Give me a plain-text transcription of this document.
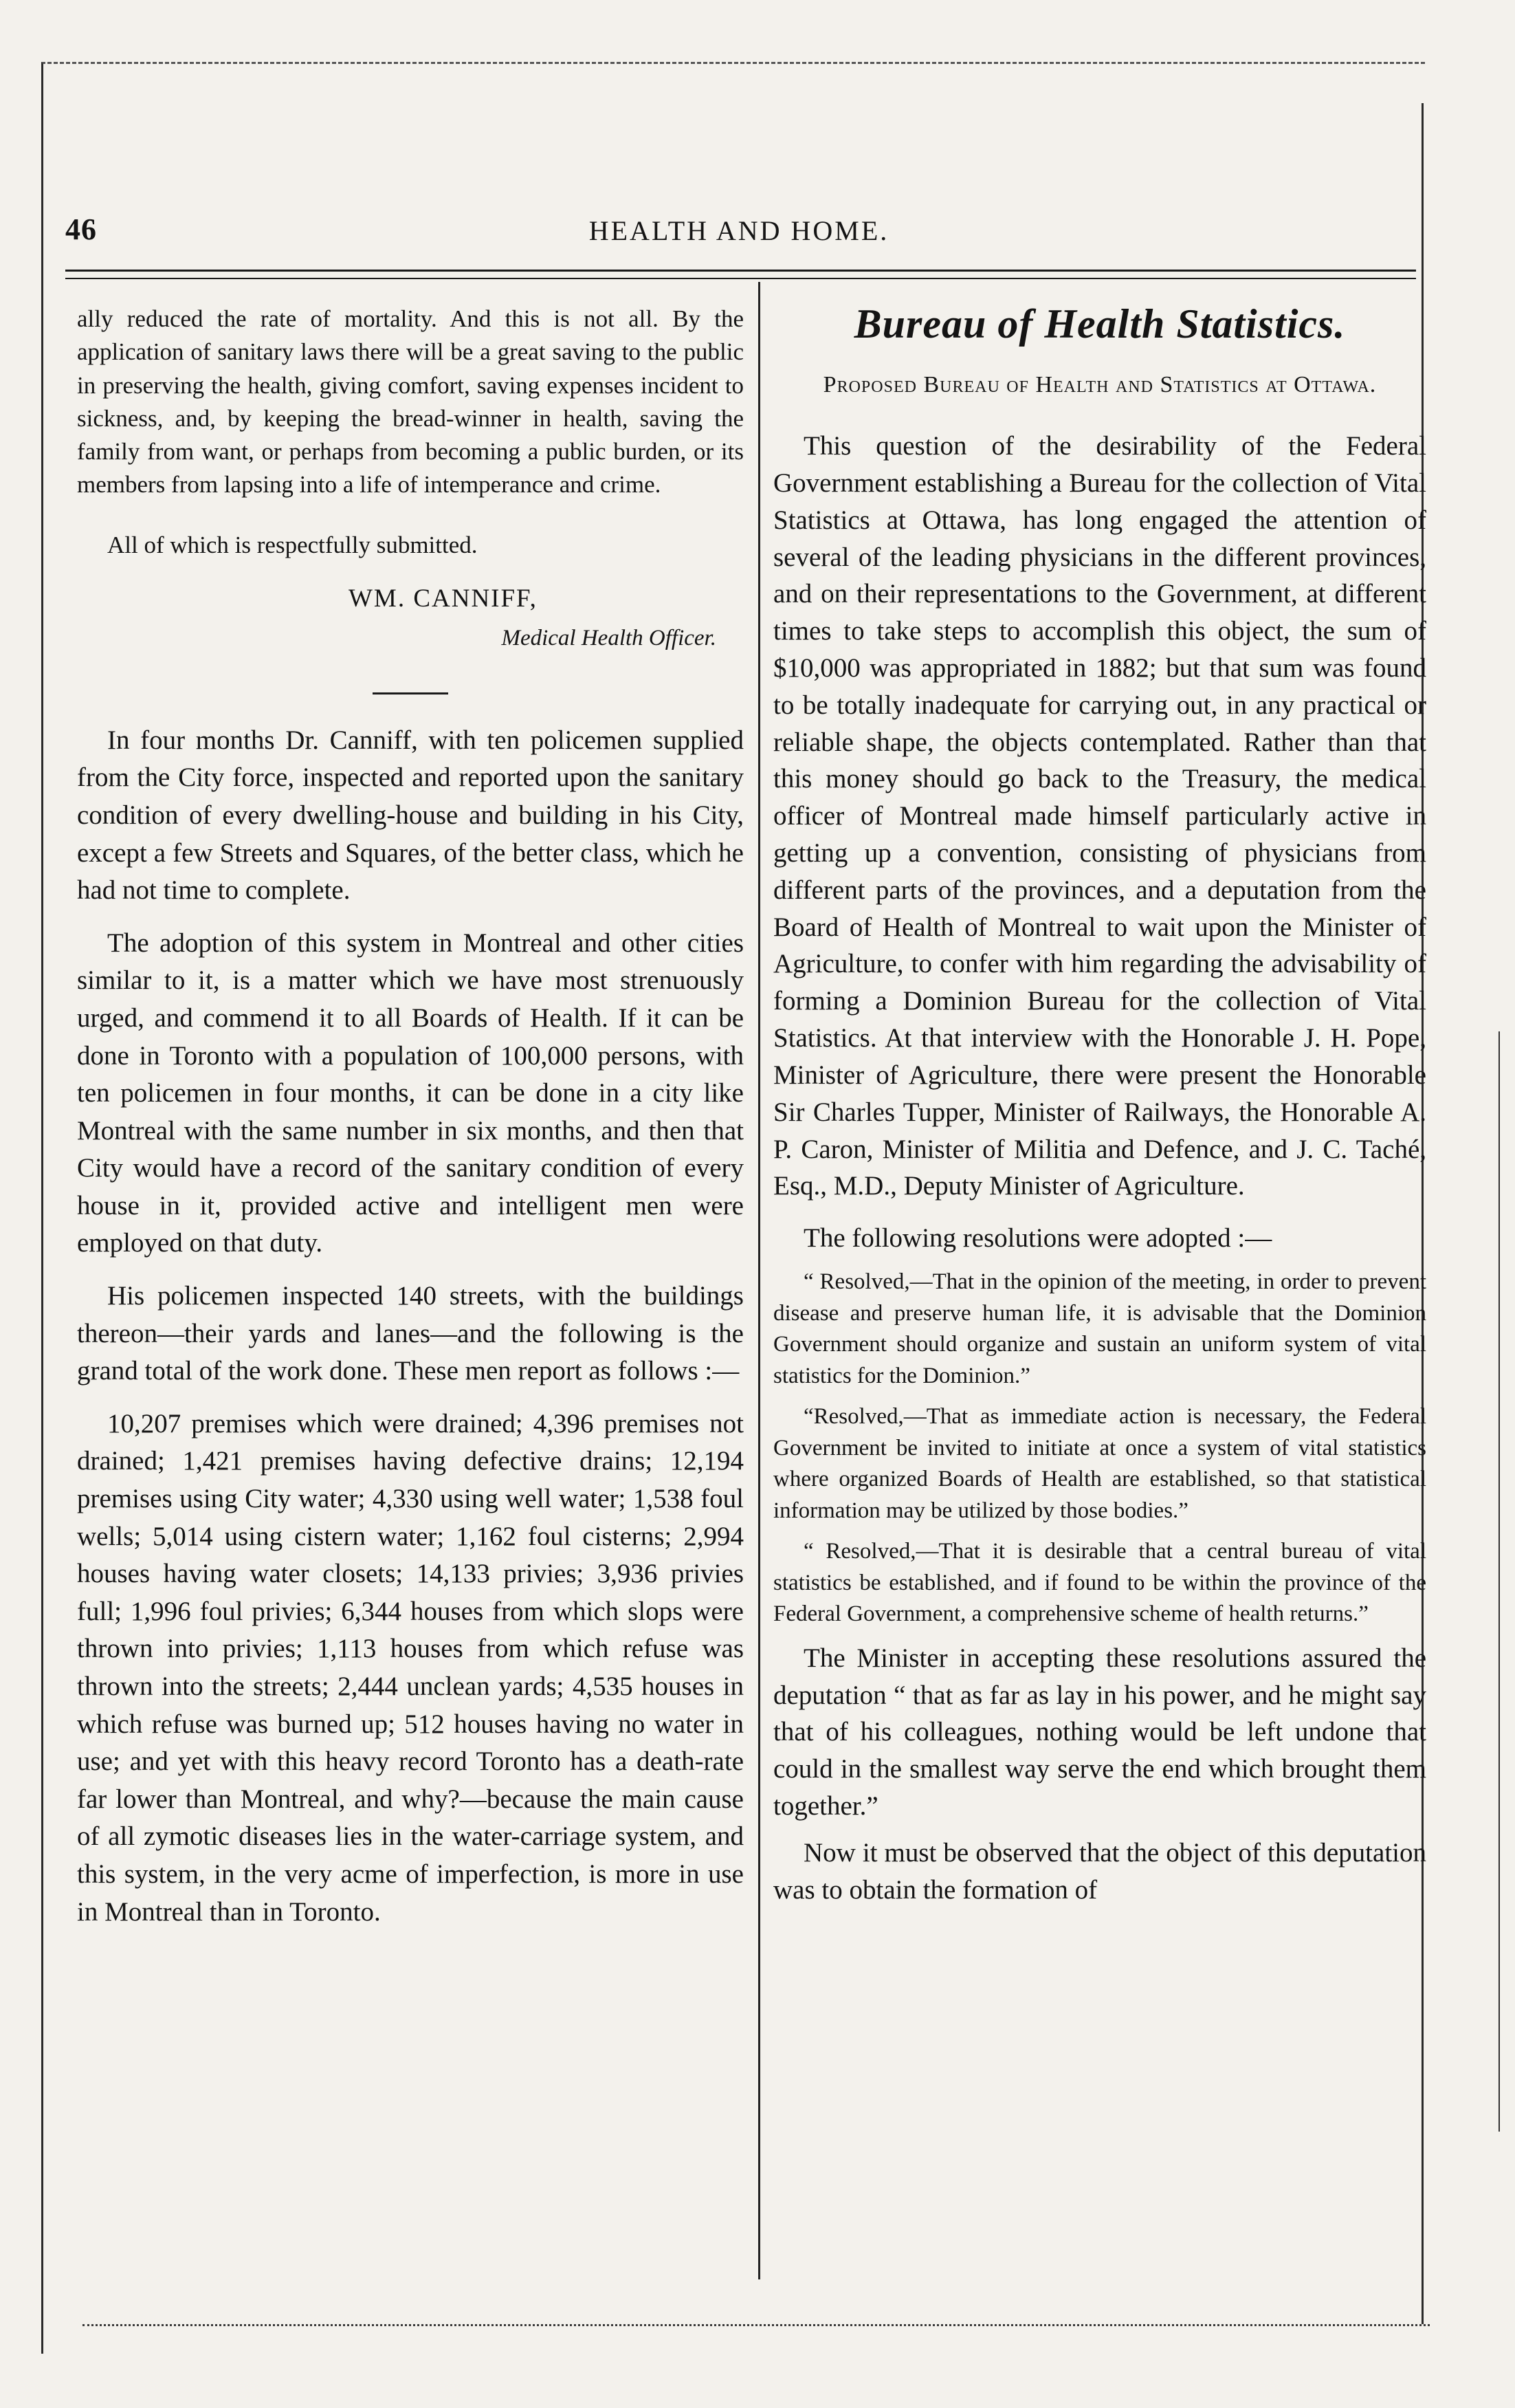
46	HEALTH AND HOME.

ally reduced the rate of mortality. And this is not all. By the application of sanitary laws there will be a great saving to the public in preserving the health, giving comfort, saving expenses incident to sickness, and, by keeping the bread-winner in health, saving the family from want, or perhaps from becoming a public burden, or its members from lapsing into a life of intemperance and crime.

All of which is respectfully submitted.

WM. CANNIFF,

Medical Health Officer.

In four months Dr. Canniff, with ten policemen supplied from the City force, inspected and reported upon the sanitary condition of every dwelling-house and building in his City, except a few Streets and Squares, of the better class, which he had not time to complete.

The adoption of this system in Montreal and other cities similar to it, is a matter which we have most strenuously urged, and commend it to all Boards of Health. If it can be done in Toronto with a population of 100,000 persons, with ten policemen in four months, it can be done in a city like Montreal with the same number in six months, and then that City would have a record of the sanitary condition of every house in it, provided active and intelligent men were employed on that duty.

His policemen inspected 140 streets, with the buildings thereon—their yards and lanes—and the following is the grand total of the work done. These men report as follows :—

10,207 premises which were drained; 4,396 premises not drained; 1,421 premises having defective drains; 12,194 premises using City water; 4,330 using well water; 1,538 foul wells; 5,014 using cistern water; 1,162 foul cisterns; 2,994 houses having water closets; 14,133 privies; 3,936 privies full; 1,996 foul privies; 6,344 houses from which slops were thrown into privies; 1,113 houses from which refuse was thrown into the streets; 2,444 unclean yards; 4,535 houses in which refuse was burned up; 512 houses having no water in use; and yet with this heavy record Toronto has a death-rate far lower than Montreal, and why?—because the main cause of all zymotic diseases lies in the water-carriage system, and this system, in the very acme of imperfection, is more in use in Montreal than in Toronto.

Bureau of Health Statistics.
Proposed Bureau of Health and Statistics at Ottawa.

This question of the desirability of the Federal Government establishing a Bureau for the collection of Vital Statistics at Ottawa, has long engaged the attention of several of the leading physicians in the different provinces, and on their representations to the Government, at different times to take steps to accomplish this object, the sum of $10,000 was appropriated in 1882; but that sum was found to be totally inadequate for carrying out, in any practical or reliable shape, the objects contemplated. Rather than that this money should go back to the Treasury, the medical officer of Montreal made himself particularly active in getting up a convention, consisting of physicians from different parts of the provinces, and a deputation from the Board of Health of Montreal to wait upon the Minister of Agriculture, to confer with him regarding the advisability of forming a Dominion Bureau for the collection of Vital Statistics. At that interview with the Honorable J. H. Pope, Minister of Agriculture, there were present the Honorable Sir Charles Tupper, Minister of Railways, the Honorable A. P. Caron, Minister of Militia and Defence, and J. C. Taché, Esq., M.D., Deputy Minister of Agriculture.

The following resolutions were adopted :—

“ Resolved,—That in the opinion of the meeting, in order to prevent disease and preserve human life, it is advisable that the Dominion Government should organize and sustain an uniform system of vital statistics for the Dominion.”

“Resolved,—That as immediate action is necessary, the Federal Government be invited to initiate at once a system of vital statistics where organized Boards of Health are established, so that statistical information may be utilized by those bodies.”

“ Resolved,—That it is desirable that a central bureau of vital statistics be established, and if found to be within the province of the Federal Government, a comprehensive scheme of health returns.”

The Minister in accepting these resolutions assured the deputation “ that as far as lay in his power, and he might say that of his colleagues, nothing would be left undone that could in the smallest way serve the end which brought them together.”

Now it must be observed that the object of this deputation was to obtain the formation of
